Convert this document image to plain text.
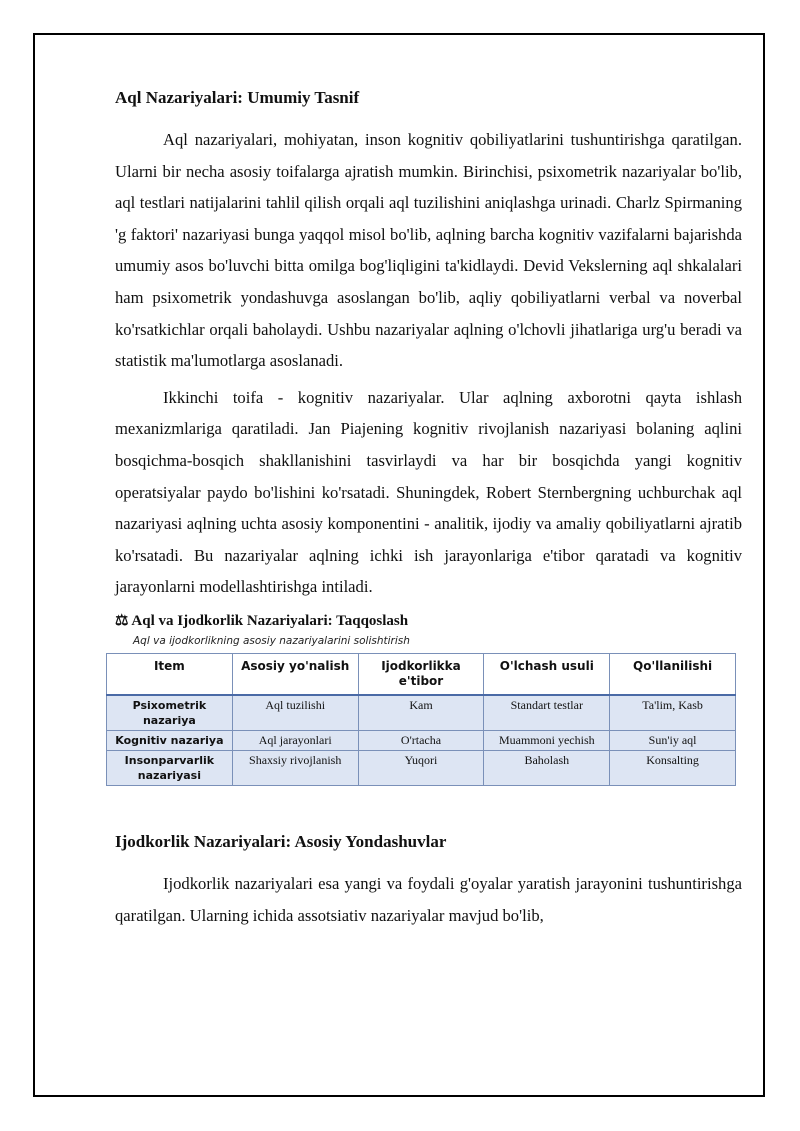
Aql Nazariyalari: Umumiy Tasnif

Aql nazariyalari, mohiyatan, inson kognitiv qobiliyatlarini tushuntirishga qaratilgan. Ularni bir necha asosiy toifalarga ajratish mumkin. Birinchisi, psixometrik nazariyalar bo'lib, aql testlari natijalarini tahlil qilish orqali aql tuzilishini aniqlashga urinadi. Charlz Spirmaning 'g faktori' nazariyasi bunga yaqqol misol bo'lib, aqlning barcha kognitiv vazifalarni bajarishda umumiy asos bo'luvchi bitta omilga bog'liqligini ta'kidlaydi. Devid Vekslerning aql shkalalari ham psixometrik yondashuvga asoslangan bo'lib, aqliy qobiliyatlarni verbal va noverbal ko'rsatkichlar orqali baholaydi. Ushbu nazariyalar aqlning o'lchovli jihatlariga urg'u beradi va statistik ma'lumotlarga asoslanadi.

Ikkinchi toifa - kognitiv nazariyalar. Ular aqlning axborotni qayta ishlash mexanizmlariga qaratiladi. Jan Piajening kognitiv rivojlanish nazariyasi bolaning aqlini bosqichma-bosqich shakllanishini tasvirlaydi va har bir bosqichda yangi kognitiv operatsiyalar paydo bo'lishini ko'rsatadi. Shuningdek, Robert Sternbergning uchburchak aql nazariyasi aqlning uchta asosiy komponentini - analitik, ijodiy va amaliy qobiliyatlarni ajratib ko'rsatadi. Bu nazariyalar aqlning ichki ish jarayonlariga e'tibor qaratadi va kognitiv jarayonlarni modellashtirishga intiladi.

⚖ Aql va Ijodkorlik Nazariyalari: Taqqoslash
Aql va ijodkorlikning asosiy nazariyalarini solishtirish
Item	Asosiy yo'nalish	Ijodkorlikka e'tibor	O'lchash usuli	Qo'llanilishi
Psixometrik nazariya	Aql tuzilishi	Kam	Standart testlar	Ta'lim, Kasb
Kognitiv nazariya	Aql jarayonlari	O'rtacha	Muammoni yechish	Sun'iy aql
Insonparvarlik nazariyasi	Shaxsiy rivojlanish	Yuqori	Baholash	Konsalting
Ijodkorlik Nazariyalari: Asosiy Yondashuvlar

Ijodkorlik nazariyalari esa yangi va foydali g'oyalar yaratish jarayonini tushuntirishga qaratilgan. Ularning ichida assotsiativ nazariyalar mavjud bo'lib,
